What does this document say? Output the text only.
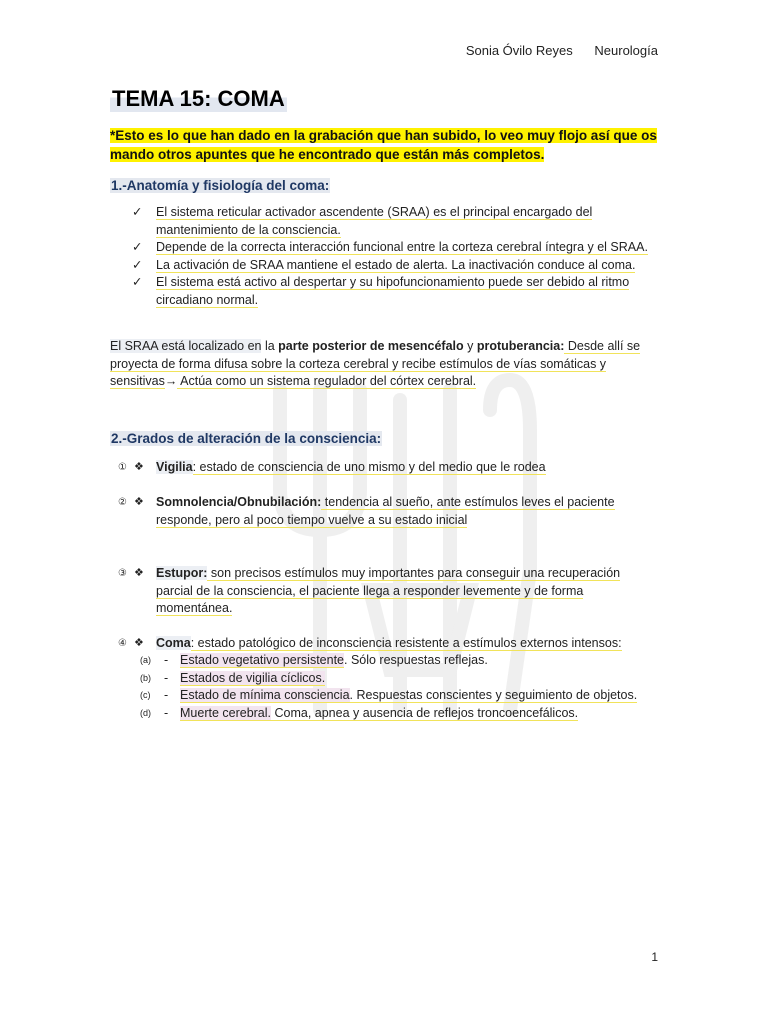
Sonia Óvilo Reyes Neurología
TEMA 15: COMA

*Esto es lo que han dado en la grabación que han subido, lo veo muy flojo así que os mando otros apuntes que he encontrado que están más completos.

1.-Anatomía y fisiología del coma:
✓ El sistema reticular activador ascendente (SRAA) es el principal encargado del mantenimiento de la consciencia.
✓ Depende de la correcta interacción funcional entre la corteza cerebral íntegra y el SRAA.
✓ La activación de SRAA mantiene el estado de alerta. La inactivación conduce al coma.
✓ El sistema está activo al despertar y su hipofuncionamiento puede ser debido al ritmo circadiano normal.

El SRAA está localizado en la parte posterior de mesencéfalo y protuberancia: Desde allí se proyecta de forma difusa sobre la corteza cerebral y recibe estímulos de vías somáticas y sensitivas→ Actúa como un sistema regulador del córtex cerebral.

2.-Grados de alteración de la consciencia:
① ❖ Vigilia: estado de consciencia de uno mismo y del medio que le rodea
② ❖ Somnolencia/Obnubilación: tendencia al sueño, ante estímulos leves el paciente responde, pero al poco tiempo vuelve a su estado inicial
③ ❖ Estupor: son precisos estímulos muy importantes para conseguir una recuperación parcial de la consciencia, el paciente llega a responder levemente y de forma momentánea.
④ ❖ Coma: estado patológico de inconsciencia resistente a estímulos externos intensos:
(a) - Estado vegetativo persistente. Sólo respuestas reflejas.
(b) - Estados de vigilia cíclicos.
(c) - Estado de mínima consciencia. Respuestas conscientes y seguimiento de objetos.
(d) - Muerte cerebral. Coma, apnea y ausencia de reflejos troncoencefálicos.
1
